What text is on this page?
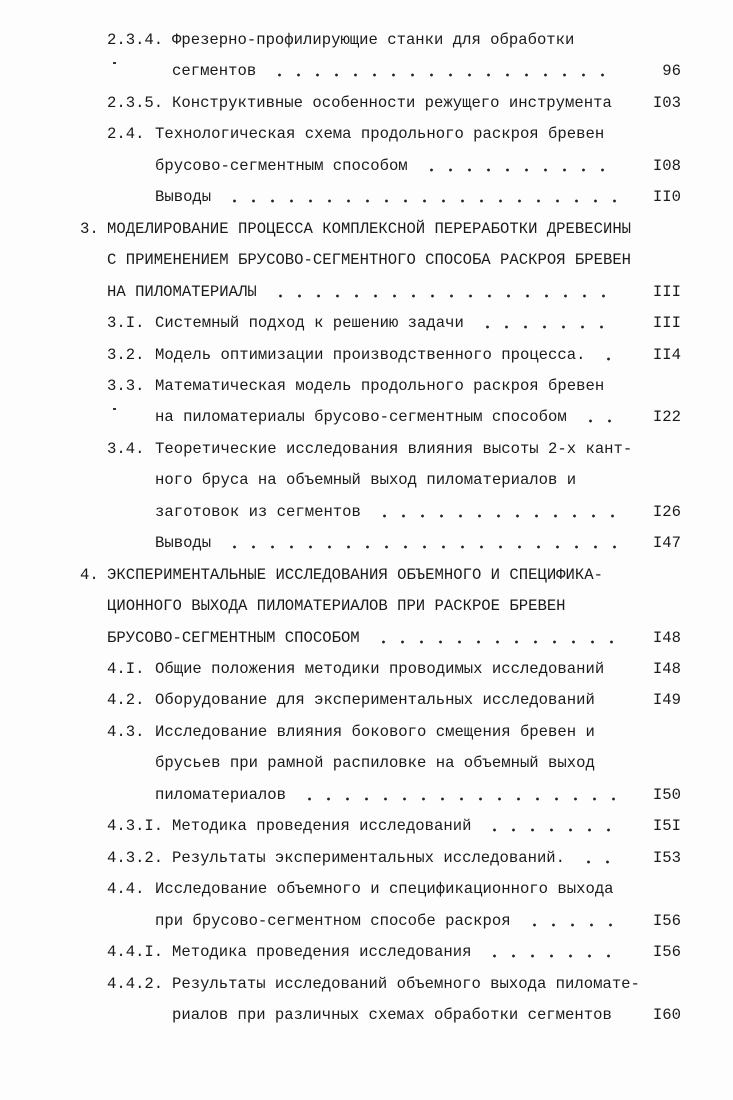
2.3.4. Фрезерно-профилирующие станки для обработки
сегментов	96
2.3.5. Конструктивные особенности режущего инструмента	I03
2.4. Технологическая схема продольного раскроя бревен
брусово-сегментным способом	I08
Выводы	II0
3. МОДЕЛИРОВАНИЕ ПРОЦЕССА КОМПЛЕКСНОЙ ПЕРЕРАБОТКИ ДРЕВЕСИНЫ
С ПРИМЕНЕНИЕМ БРУСОВО-СЕГМЕНТНОГО СПОСОБА РАСКРОЯ БРЕВЕН
НА ПИЛОМАТЕРИАЛЫ	III
3.I. Системный подход к решению задачи	III
3.2. Модель оптимизации производственного процесса.	II4
3.3. Математическая модель продольного раскроя бревен
на пиломатериалы брусово-сегментным способом	I22
3.4. Теоретические исследования влияния высоты 2-х кант-
ного бруса на объемный выход пиломатериалов и
заготовок из сегментов	I26
Выводы	I47
4. ЭКСПЕРИМЕНТАЛЬНЫЕ ИССЛЕДОВАНИЯ ОБЪЕМНОГО И СПЕЦИФИКА-
ЦИОННОГО ВЫХОДА ПИЛОМАТЕРИАЛОВ ПРИ РАСКРОЕ БРЕВЕН
БРУСОВО-СЕГМЕНТНЫМ СПОСОБОМ	I48
4.I. Общие положения методики проводимых исследований	I48
4.2. Оборудование для экспериментальных исследований	I49
4.3. Исследование влияния бокового смещения бревен и
брусьев при рамной распиловке на объемный выход
пиломатериалов	I50
4.3.I. Методика проведения исследований	I5I
4.3.2. Результаты экспериментальных исследований.	I53
4.4. Исследование объемного и спецификационного выхода
при брусово-сегментном способе раскроя	I56
4.4.I. Методика проведения исследования	I56
4.4.2. Результаты исследований объемного выхода пиломате-
риалов при различных схемах обработки сегментов	I60
